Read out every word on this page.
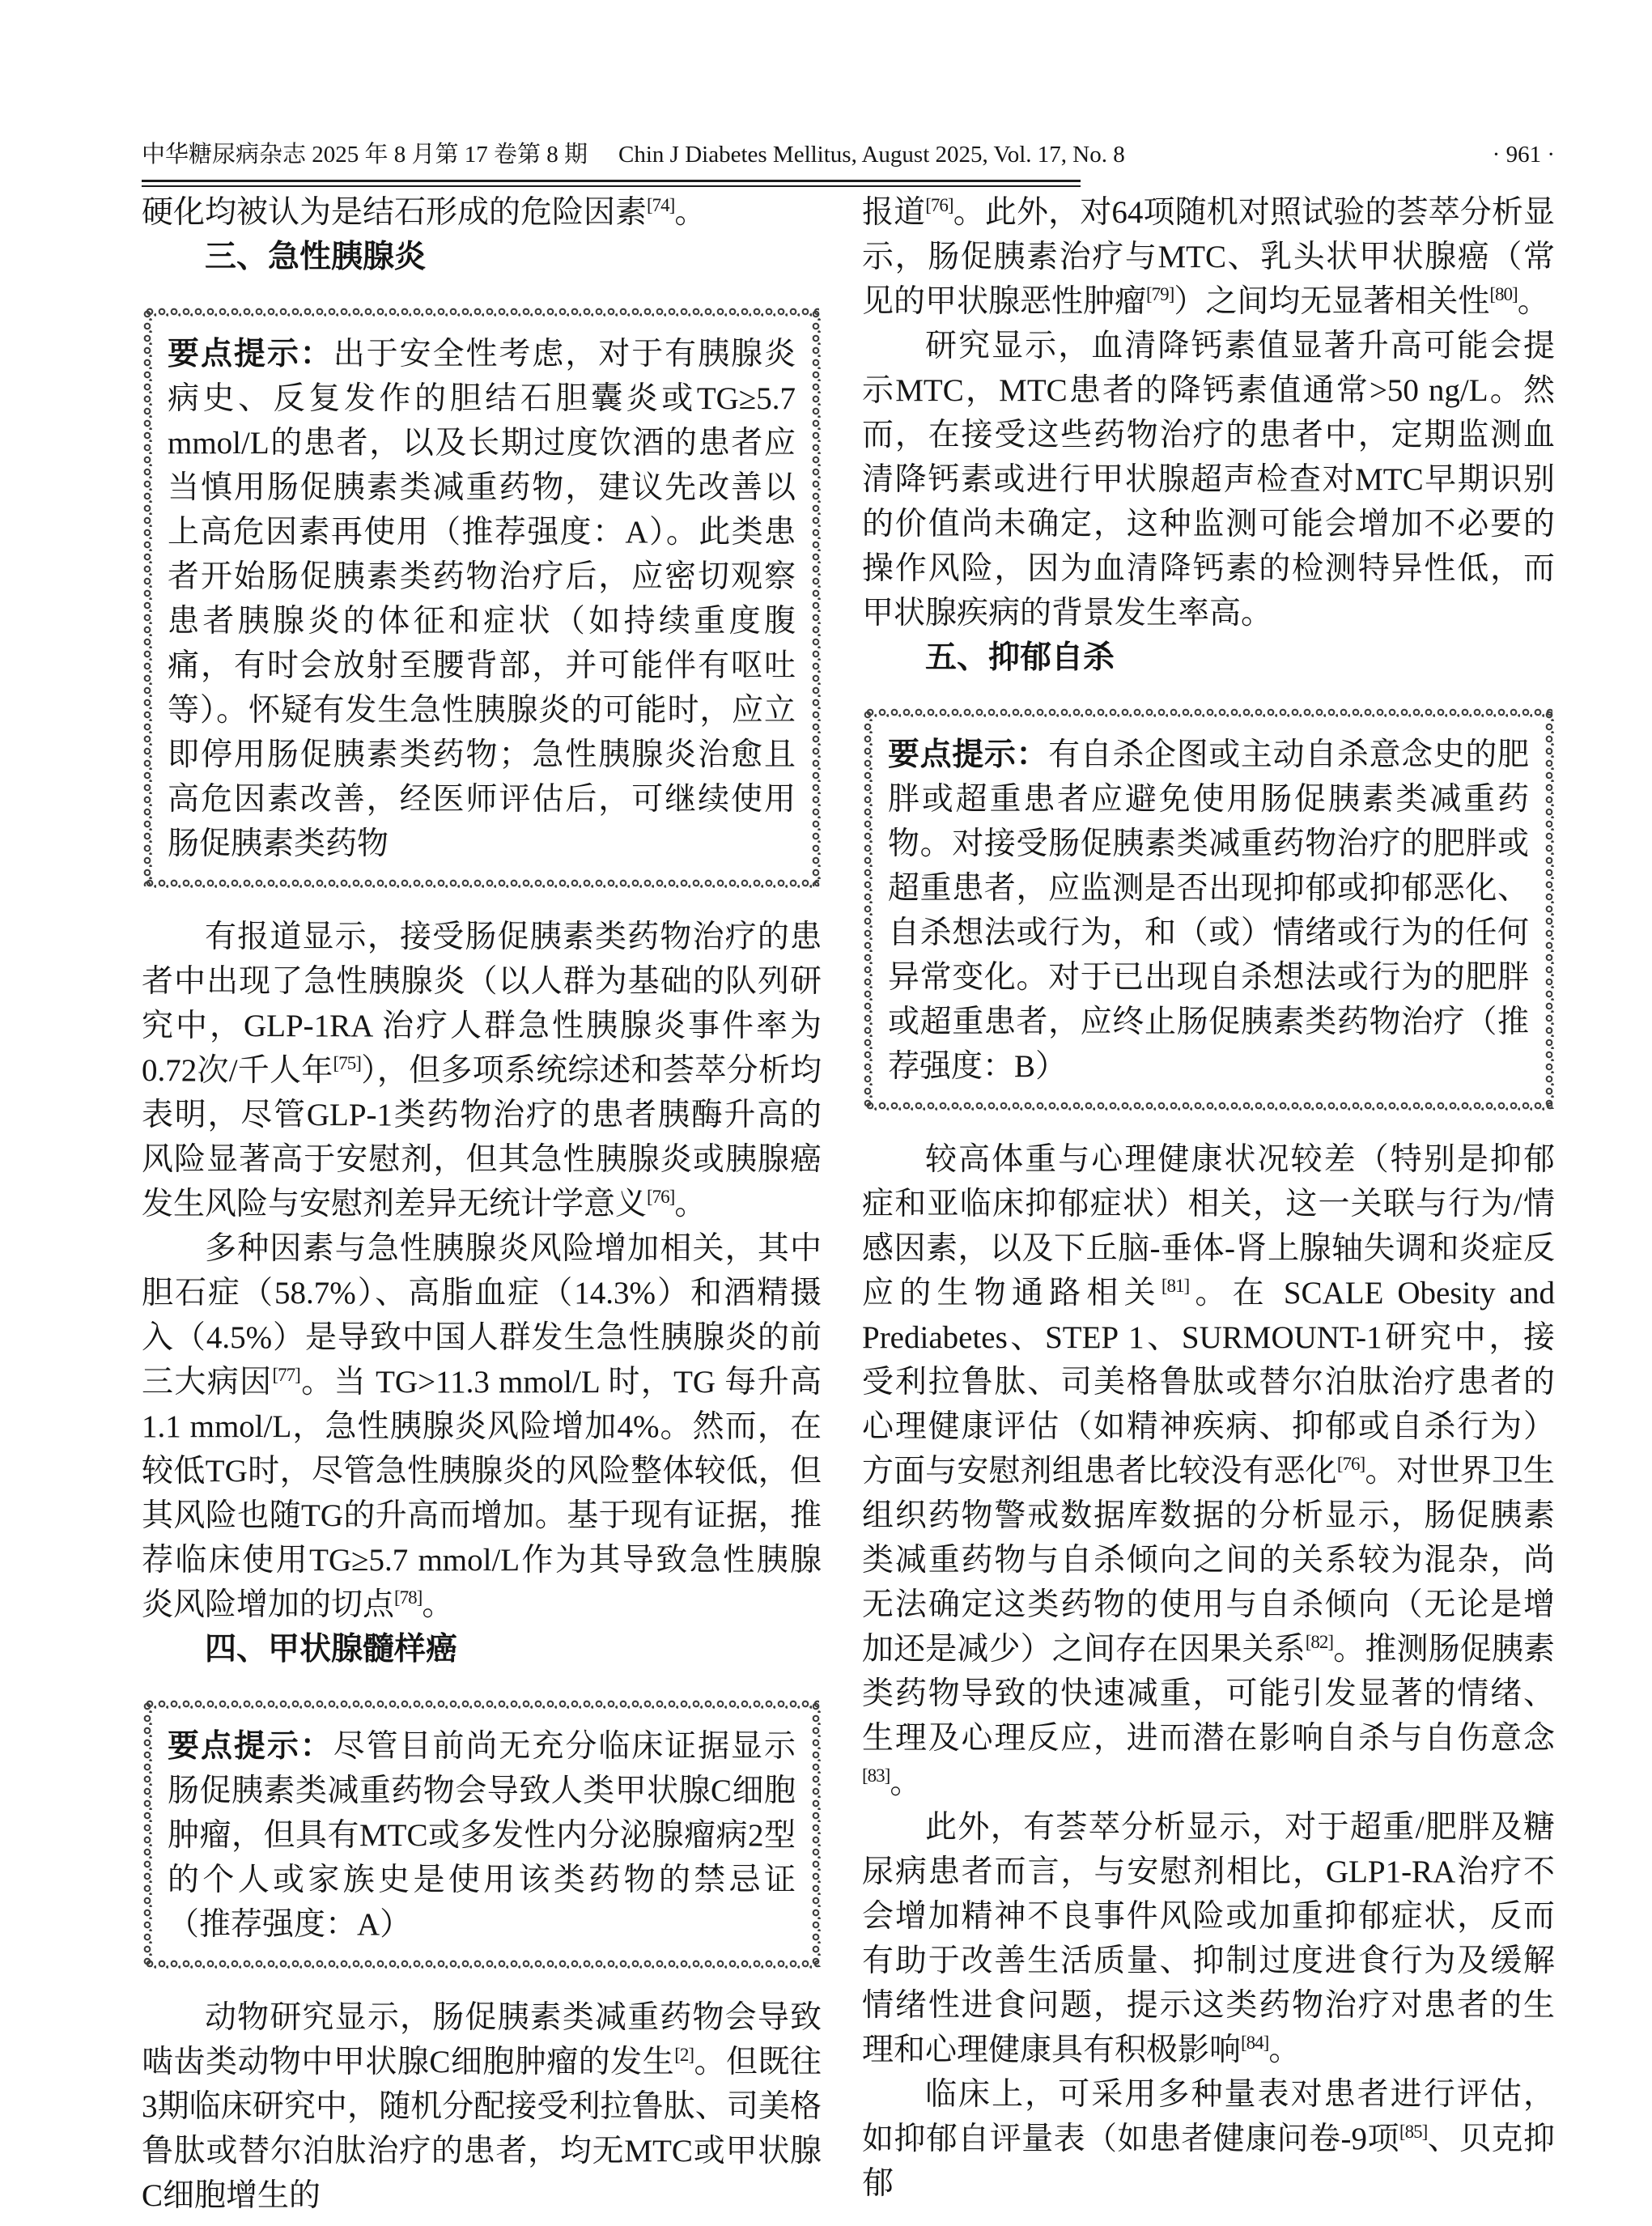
中华糖尿病杂志 2025 年 8 月第 17 卷第 8 期 Chin J Diabetes Mellitus, August 2025, Vol. 17, No. 8	· 961 ·

硬化均被认为是结石形成的危险因素[74]。

三、急性胰腺炎

要点提示：出于安全性考虑，对于有胰腺炎病史、反复发作的胆结石胆囊炎或TG≥5.7 mmol/L的患者，以及长期过度饮酒的患者应当慎用肠促胰素类减重药物，建议先改善以上高危因素再使用（推荐强度：A）。此类患者开始肠促胰素类药物治疗后，应密切观察患者胰腺炎的体征和症状（如持续重度腹痛，有时会放射至腰背部，并可能伴有呕吐等）。怀疑有发生急性胰腺炎的可能时，应立即停用肠促胰素类药物；急性胰腺炎治愈且高危因素改善，经医师评估后，可继续使用肠促胰素类药物

有报道显示，接受肠促胰素类药物治疗的患者中出现了急性胰腺炎（以人群为基础的队列研究中，GLP-1RA 治疗人群急性胰腺炎事件率为0.72次/千人年[75]），但多项系统综述和荟萃分析均表明，尽管GLP-1类药物治疗的患者胰酶升高的风险显著高于安慰剂，但其急性胰腺炎或胰腺癌发生风险与安慰剂差异无统计学意义[76]。

多种因素与急性胰腺炎风险增加相关，其中胆石症（58.7%）、高脂血症（14.3%）和酒精摄入（4.5%）是导致中国人群发生急性胰腺炎的前三大病因[77]。当 TG>11.3 mmol/L 时，TG 每升高1.1 mmol/L，急性胰腺炎风险增加4%。然而，在较低TG时，尽管急性胰腺炎的风险整体较低，但其风险也随TG的升高而增加。基于现有证据，推荐临床使用TG≥5.7 mmol/L作为其导致急性胰腺炎风险增加的切点[78]。

四、甲状腺髓样癌

要点提示：尽管目前尚无充分临床证据显示肠促胰素类减重药物会导致人类甲状腺C细胞肿瘤，但具有MTC或多发性内分泌腺瘤病2型的个人或家族史是使用该类药物的禁忌证（推荐强度：A）

动物研究显示，肠促胰素类减重药物会导致啮齿类动物中甲状腺C细胞肿瘤的发生[2]。但既往3期临床研究中，随机分配接受利拉鲁肽、司美格鲁肽或替尔泊肽治疗的患者，均无MTC或甲状腺C细胞增生的

报道[76]。此外，对64项随机对照试验的荟萃分析显示，肠促胰素治疗与MTC、乳头状甲状腺癌（常见的甲状腺恶性肿瘤[79]）之间均无显著相关性[80]。

研究显示，血清降钙素值显著升高可能会提示MTC，MTC患者的降钙素值通常>50 ng/L。然而，在接受这些药物治疗的患者中，定期监测血清降钙素或进行甲状腺超声检查对MTC早期识别的价值尚未确定，这种监测可能会增加不必要的操作风险，因为血清降钙素的检测特异性低，而甲状腺疾病的背景发生率高。

五、抑郁自杀

要点提示：有自杀企图或主动自杀意念史的肥胖或超重患者应避免使用肠促胰素类减重药物。对接受肠促胰素类减重药物治疗的肥胖或超重患者，应监测是否出现抑郁或抑郁恶化、自杀想法或行为，和（或）情绪或行为的任何异常变化。对于已出现自杀想法或行为的肥胖或超重患者，应终止肠促胰素类药物治疗（推荐强度：B）

较高体重与心理健康状况较差（特别是抑郁症和亚临床抑郁症状）相关，这一关联与行为/情感因素，以及下丘脑-垂体-肾上腺轴失调和炎症反应的生物通路相关[81]。在 SCALE Obesity and Prediabetes、STEP 1、SURMOUNT-1研究中，接受利拉鲁肽、司美格鲁肽或替尔泊肽治疗患者的心理健康评估（如精神疾病、抑郁或自杀行为）方面与安慰剂组患者比较没有恶化[76]。对世界卫生组织药物警戒数据库数据的分析显示，肠促胰素类减重药物与自杀倾向之间的关系较为混杂，尚无法确定这类药物的使用与自杀倾向（无论是增加还是减少）之间存在因果关系[82]。推测肠促胰素类药物导致的快速减重，可能引发显著的情绪、生理及心理反应，进而潜在影响自杀与自伤意念[83]。

此外，有荟萃分析显示，对于超重/肥胖及糖尿病患者而言，与安慰剂相比，GLP1-RA治疗不会增加精神不良事件风险或加重抑郁症状，反而有助于改善生活质量、抑制过度进食行为及缓解情绪性进食问题，提示这类药物治疗对患者的生理和心理健康具有积极影响[84]。

临床上，可采用多种量表对患者进行评估，如抑郁自评量表（如患者健康问卷-9项[85]、贝克抑郁
